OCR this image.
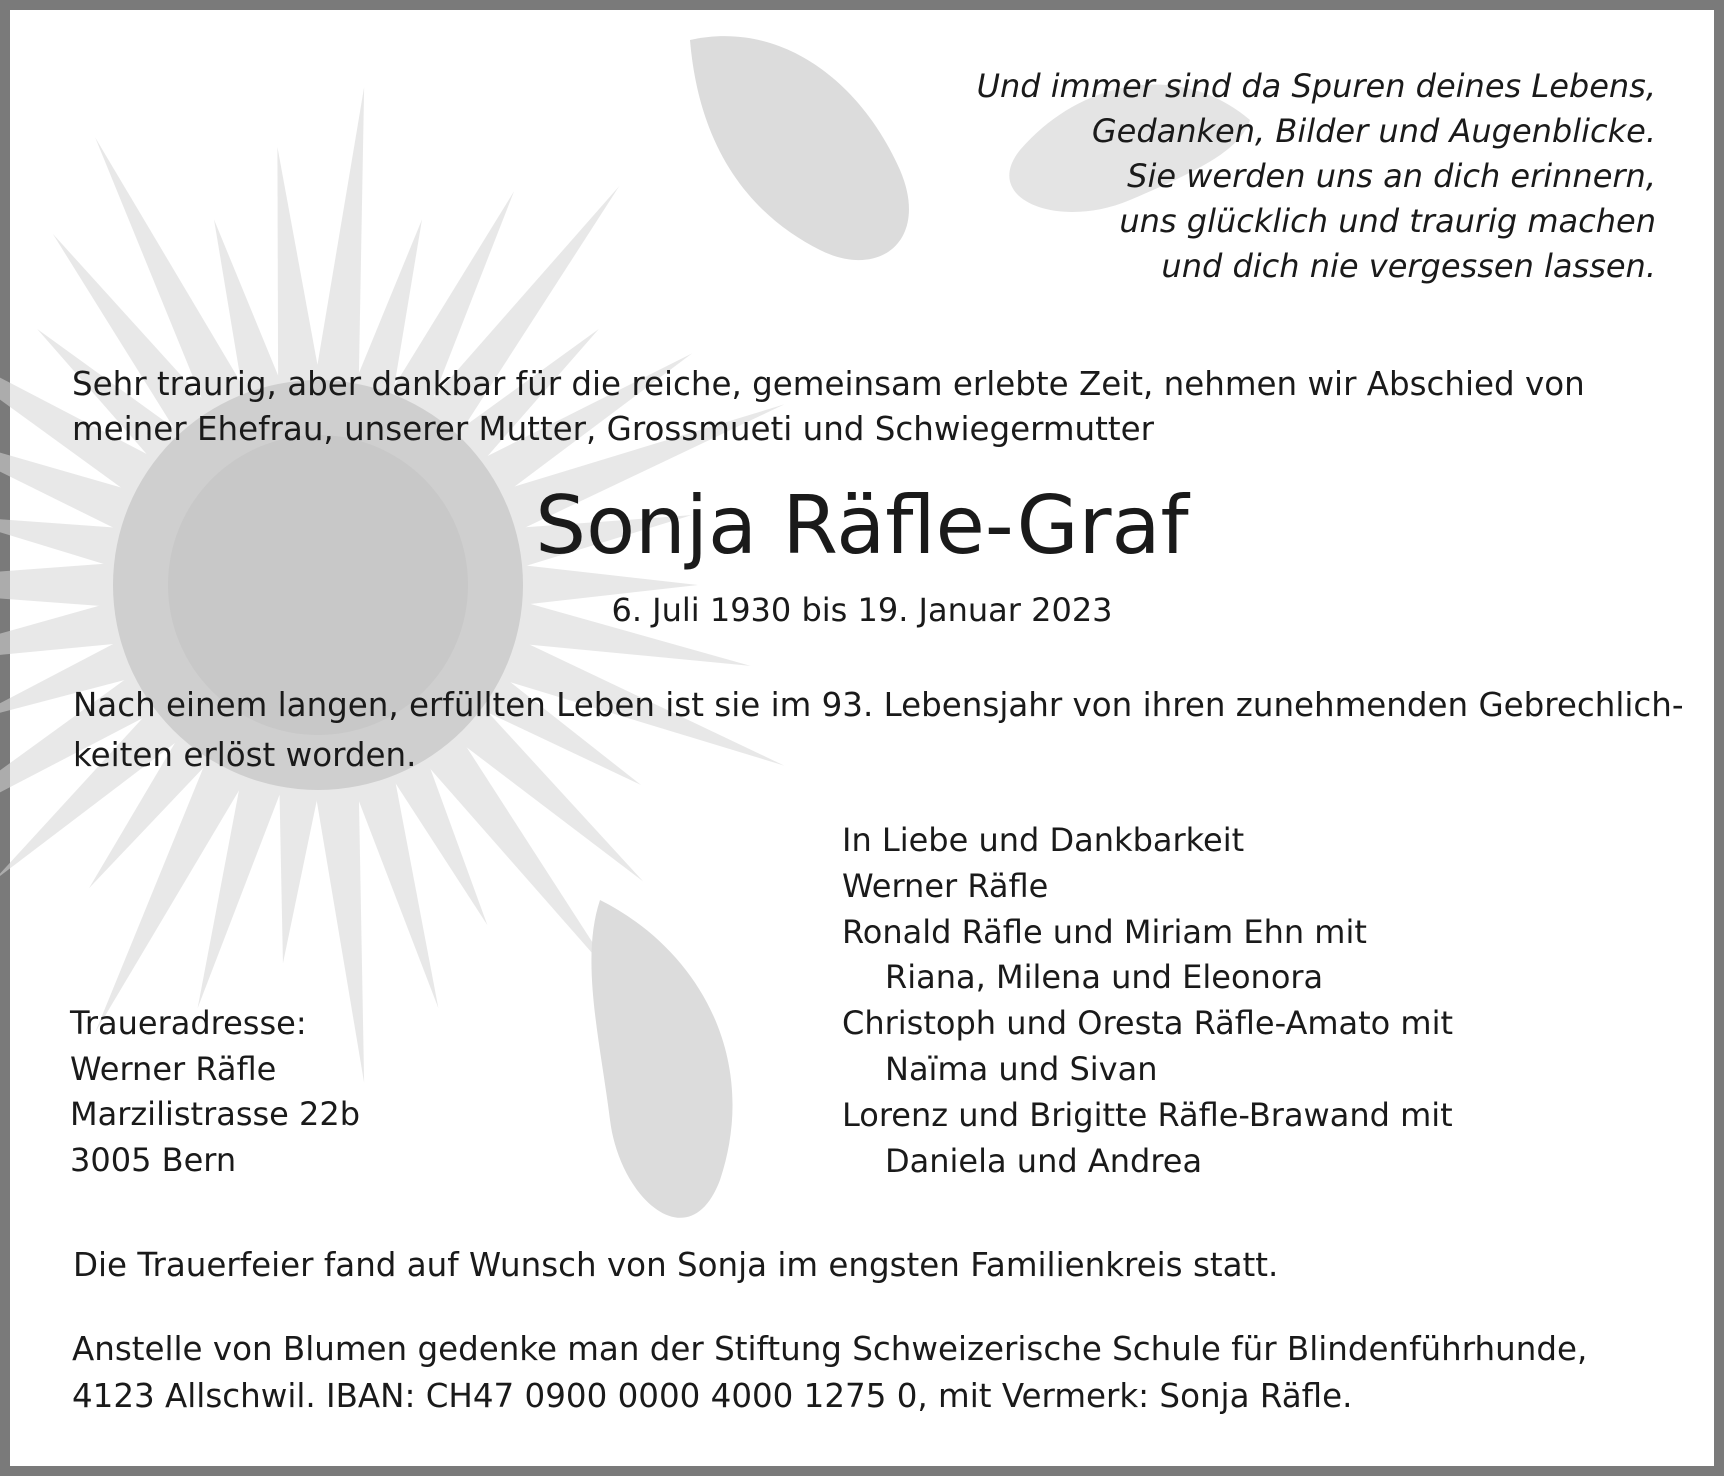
Und immer sind da Spuren deines Lebens,
Gedanken, Bilder und Augenblicke.
Sie werden uns an dich erinnern,
uns glücklich und traurig machen
und dich nie vergessen lassen.
Sehr traurig, aber dankbar für die reiche, gemeinsam erlebte Zeit, nehmen wir Abschied von
meiner Ehefrau, unserer Mutter, Grossmueti und Schwiegermutter
Sonja Räfle-Graf
6. Juli 1930 bis 19. Januar 2023
Nach einem langen, erfüllten Leben ist sie im 93. Lebensjahr von ihren zunehmenden Gebrechlich-
keiten erlöst worden.
In Liebe und Dankbarkeit
Werner Räfle
Ronald Räfle und Miriam Ehn mit
Riana, Milena und Eleonora
Christoph und Oresta Räfle-Amato mit
Naïma und Sivan
Lorenz und Brigitte Räfle-Brawand mit
Daniela und Andrea
Traueradresse:
Werner Räfle
Marzilistrasse 22b
3005 Bern
Die Trauerfeier fand auf Wunsch von Sonja im engsten Familienkreis statt.
Anstelle von Blumen gedenke man der Stiftung Schweizerische Schule für Blindenführhunde,
4123 Allschwil. IBAN: CH47 0900 0000 4000 1275 0, mit Vermerk: Sonja Räfle.
